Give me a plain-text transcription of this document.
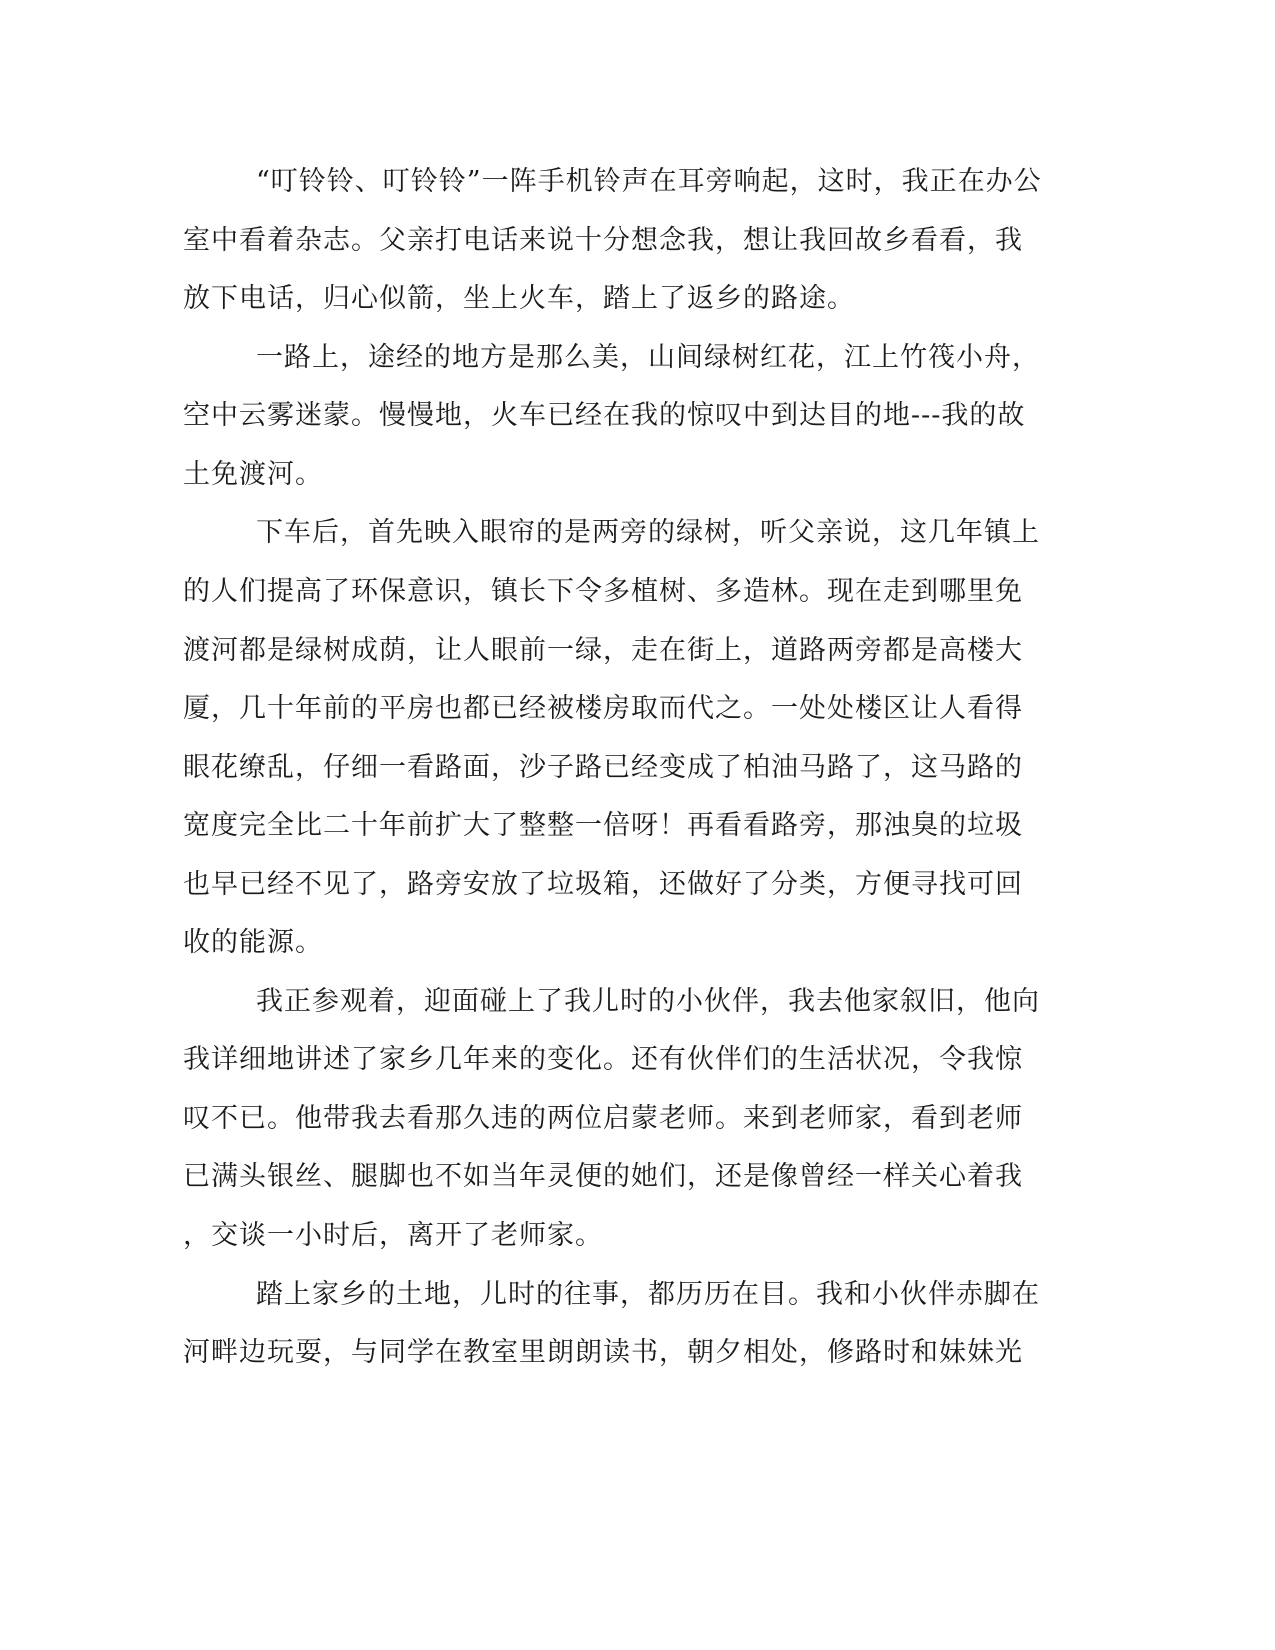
“叮铃铃、叮铃铃”一阵手机铃声在耳旁响起，这时，我正在办公
室中看着杂志。父亲打电话来说十分想念我，想让我回故乡看看，我
放下电话，归心似箭，坐上火车，踏上了返乡的路途。
一路上，途经的地方是那么美，山间绿树红花，江上竹筏小舟，
空中云雾迷蒙。慢慢地，火车已经在我的惊叹中到达目的地---我的故
土免渡河。
下车后，首先映入眼帘的是两旁的绿树，听父亲说，这几年镇上
的人们提高了环保意识，镇长下令多植树、多造林。现在走到哪里免
渡河都是绿树成荫，让人眼前一绿，走在街上，道路两旁都是高楼大
厦，几十年前的平房也都已经被楼房取而代之。一处处楼区让人看得
眼花缭乱，仔细一看路面，沙子路已经变成了柏油马路了，这马路的
宽度完全比二十年前扩大了整整一倍呀！再看看路旁，那浊臭的垃圾
也早已经不见了，路旁安放了垃圾箱，还做好了分类，方便寻找可回
收的能源。
我正参观着，迎面碰上了我儿时的小伙伴，我去他家叙旧，他向
我详细地讲述了家乡几年来的变化。还有伙伴们的生活状况，令我惊
叹不已。他带我去看那久违的两位启蒙老师。来到老师家，看到老师
已满头银丝、腿脚也不如当年灵便的她们，还是像曾经一样关心着我
，交谈一小时后，离开了老师家。
踏上家乡的土地，儿时的往事，都历历在目。我和小伙伴赤脚在
河畔边玩耍，与同学在教室里朗朗读书，朝夕相处，修路时和妹妹光
